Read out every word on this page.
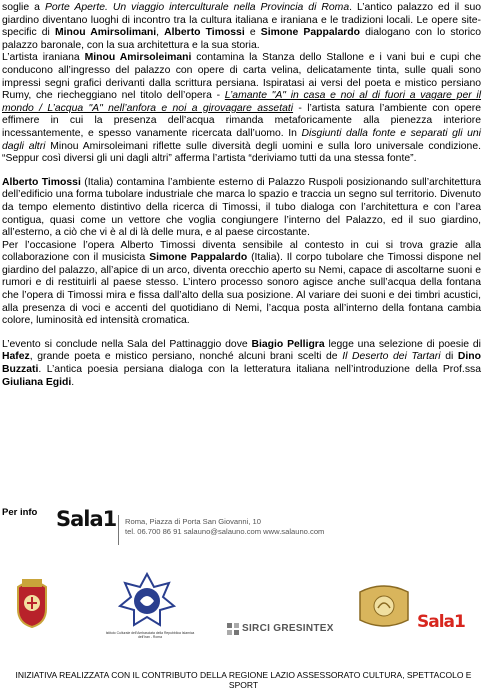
soglie a Porte Aperte. Un viaggio interculturale nella Provincia di Roma. L’antico palazzo ed il suo giardino diventano luoghi di incontro tra la cultura italiana e iraniana e le tradizioni locali. Le opere site-specific di Minou Amirsolimani, Alberto Timossi e Simone Pappalardo dialogano con lo storico palazzo baronale, con la sua architettura e la sua storia.

L’artista iraniana Minou Amirsoleimani contamina la Stanza dello Stallone e i vani bui e cupi che conducono all’ingresso del palazzo con opere di carta velina, delicatamente tinta, sulle quali sono impressi segni grafici derivanti dalla scrittura persiana. Ispiratasi ai versi del poeta e mistico persiano Rumy, che riecheggiano nel titolo dell’opera - L’amante "A" in casa e noi al di fuori a vagare per il mondo / L’acqua "A" nell’anfora e noi a girovagare assetati - l’artista satura l’ambiente con opere effimere in cui la presenza dell’acqua rimanda metaforicamente alla pienezza interiore incessantemente, e spesso vanamente ricercata dall’uomo. In Disgiunti dalla fonte e separati gli uni dagli altri Minou Amirsoleimani riflette sulle diversità degli uomini e sulla loro universale condizione. “Seppur così diversi gli uni dagli altri” afferma l’artista “deriviamo tutti da una stessa fonte”.

Alberto Timossi (Italia) contamina l’ambiente esterno di Palazzo Ruspoli posizionando sull’architettura dell’edificio una forma tubolare industriale che marca lo spazio e traccia un segno sul territorio. Divenuto da tempo elemento distintivo della ricerca di Timossi, il tubo dialoga con l’architettura e con l’area contigua, quasi come un vettore che voglia congiungere l’interno del Palazzo, ed il suo giardino, all’esterno, a ciò che vi è al di là delle mura, e al paese circostante.

Per l’occasione l’opera Alberto Timossi diventa sensibile al contesto in cui si trova grazie alla collaborazione con il musicista Simone Pappalardo (Italia). Il corpo tubolare che Timossi dispone nel giardino del palazzo, all’apice di un arco, diventa orecchio aperto su Nemi, capace di ascoltarne suoni e rumori e di restituirli al paese stesso. L’intero processo sonoro agisce anche sull’acqua della fontana che l’opera di Timossi mira e fissa dall’alto della sua posizione. Al variare dei suoni e dei timbri acustici, alla presenza di voci e accenti del quotidiano di Nemi, l’acqua posta all’interno della fontana cambia colore, luminosità ed intensità cromatica.

L’evento si conclude nella Sala del Pattinaggio dove Biagio Pelligra legge una selezione di poesie di Hafez, grande poeta e mistico persiano, nonché alcuni brani scelti de Il Deserto dei Tartari di Dino Buzzati. L’antica poesia persiana dialoga con la letteratura italiana nell’introduzione della Prof.ssa Giuliana Egidi.

Per info Sala1 Roma, Piazza di Porta San Giovanni, 10
tel. 06.700 86 91 salauno@salauno.com www.salauno.com
Istituto Culturale dell’Ambasciata della Repubblica Islamica dell’Iran - Roma
SIRCI GRESINTEX	Sala1
INIZIATIVA REALIZZATA CON IL CONTRIBUTO DELLA REGIONE LAZIO ASSESSORATO CULTURA, SPETTACOLO E SPORT
